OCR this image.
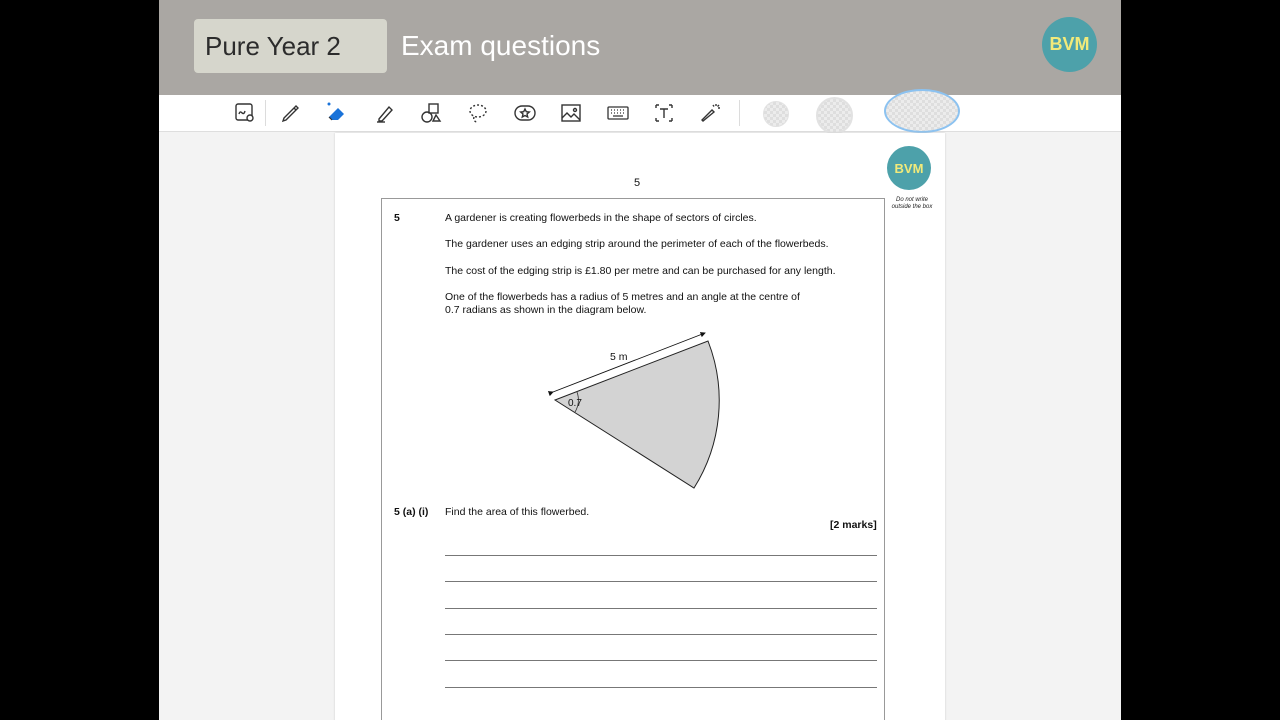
Pure Year 2 Exam questions	BVM
5
BVM
Do not write outside the box
5	A gardener is creating flowerbeds in the shape of sectors of circles.
The gardener uses an edging strip around the perimeter of each of the flowerbeds.
The cost of the edging strip is £1.80 per metre and can be purchased for any length.
One of the flowerbeds has a radius of 5 metres and an angle at the centre of
0.7 radians as shown in the diagram below.
5 m
0.7
5 (a) (i) Find the area of this flowerbed.
[2 marks]
